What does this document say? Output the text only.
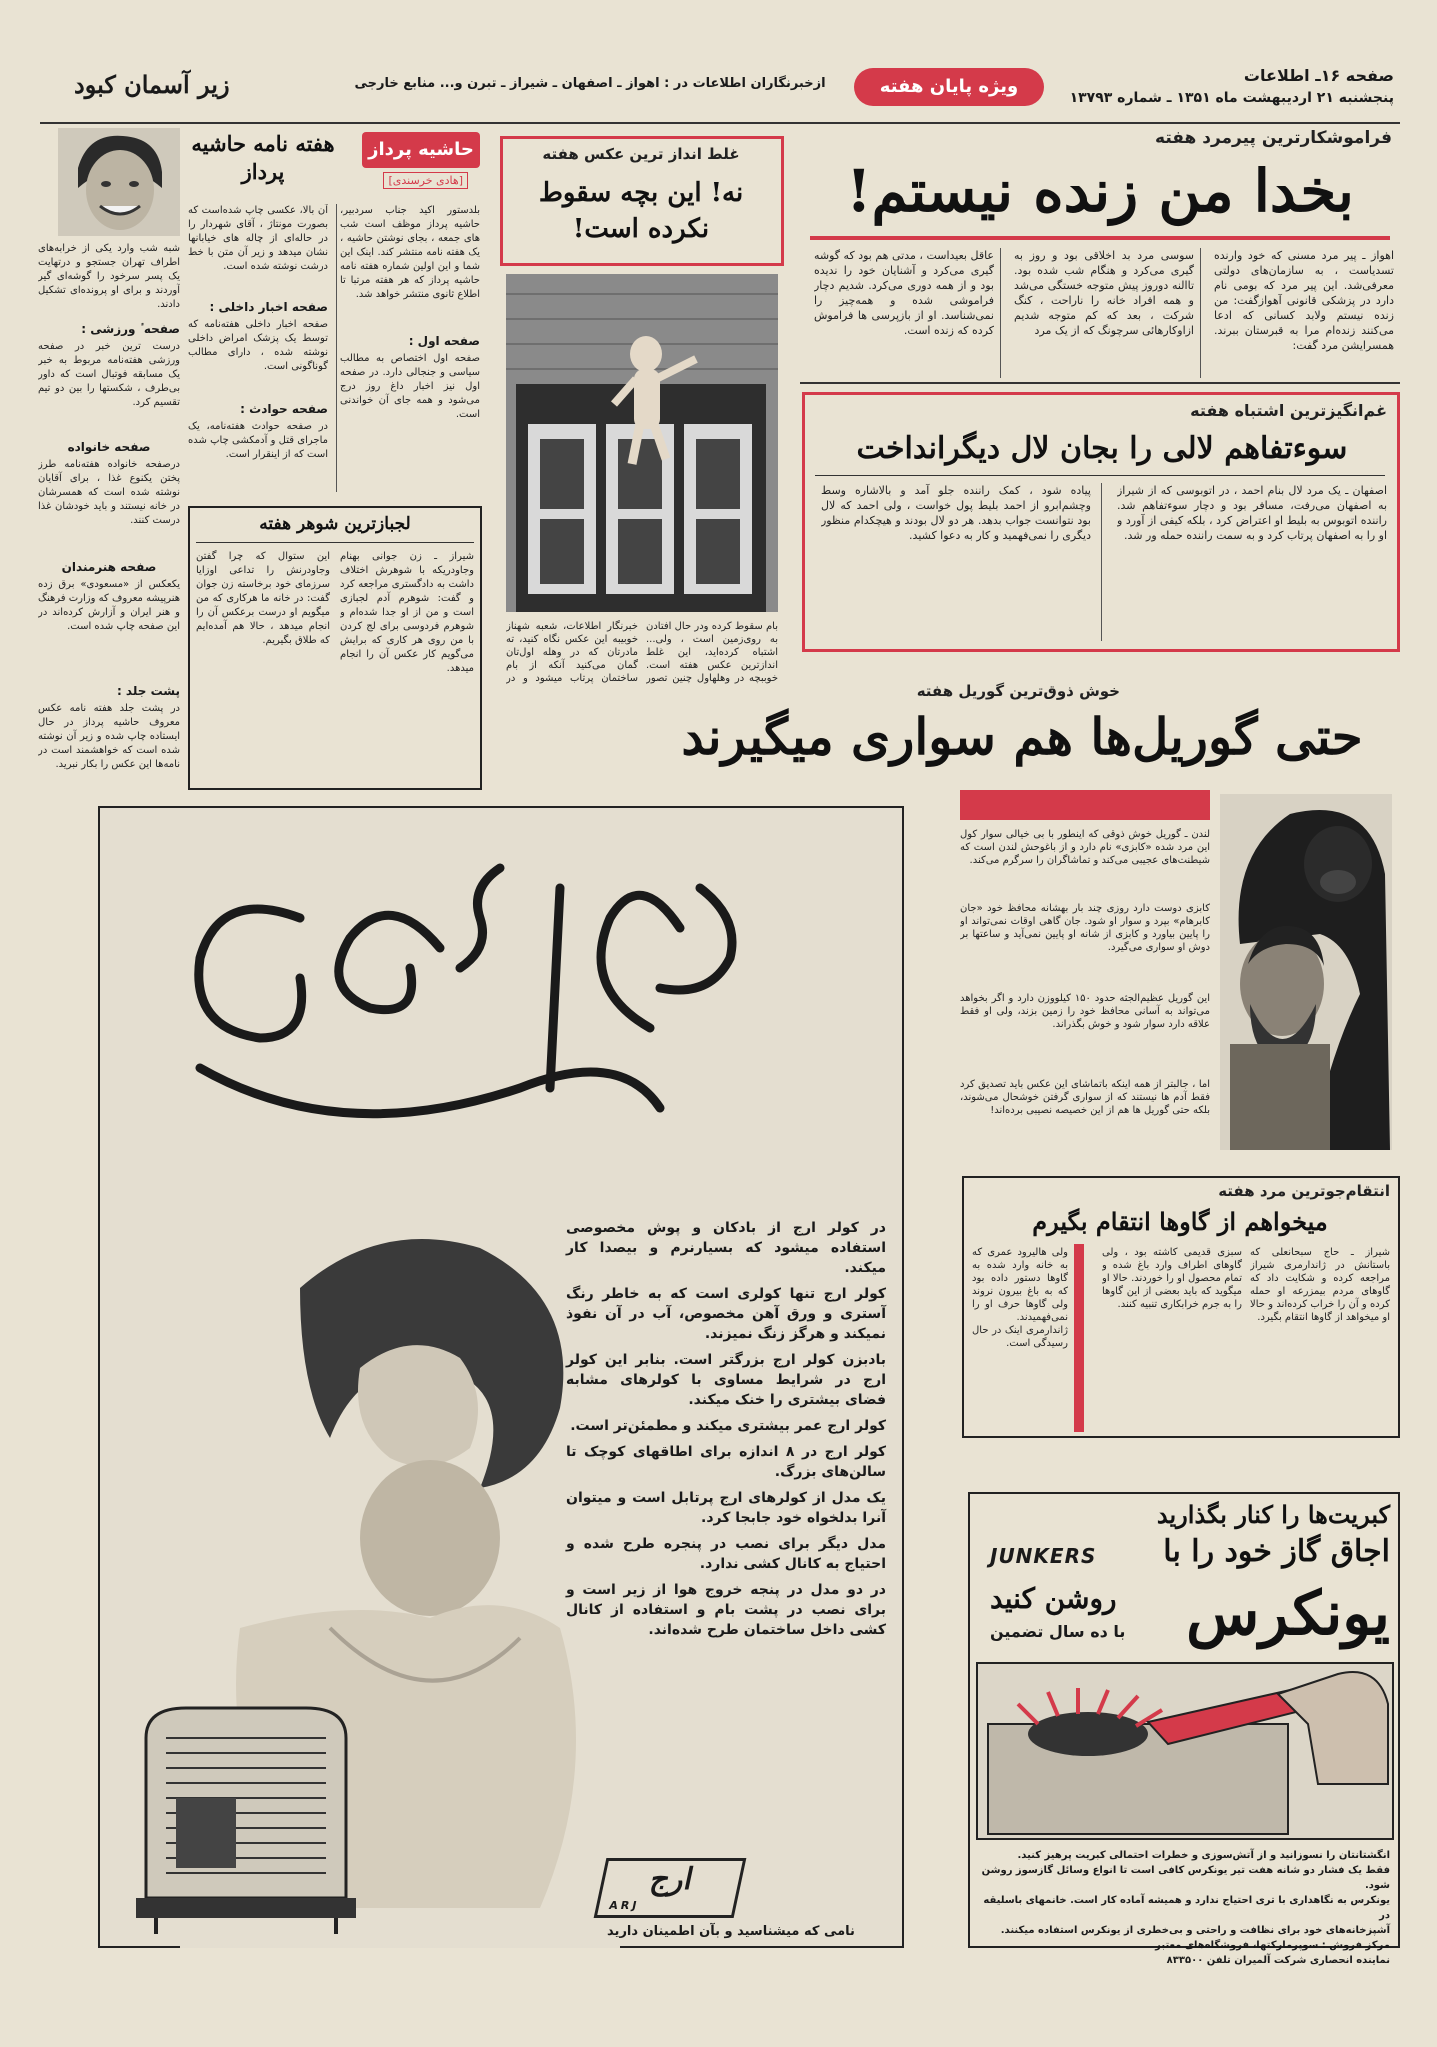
صفحه ۱۶ـ اطلاعات
پنجشنبه ۲۱ اردیبهشت ماه ۱۳۵۱ ـ شماره ۱۳۷۹۳
ویژه پایان هفته
ازخبرنگاران اطلاعات در : اهواز ـ اصفهان ـ شیراز ـ تبرن و... منابع خارجی
زیر آسمان کبود
فراموشکارترین پیرمرد هفته
بخدا من زنده نیستم!
اهواز ـ پیر مرد مسنی که خود وارنده تسدیاست ، به سازمان‌های دولتی معرفی‌شد. این پیر مرد که بومی نام دارد در پزشکی قانونی آهوازگفت: من زنده نیستم ولابد کسانی که ادعا می‌کنند زنده‌ام مرا به قبرستان ببرند. همسرایشن مرد گفت:
سوسی مرد بد اخلاقی بود و روز به گیری می‌کرد و هنگام شب شده بود. تاالنه دوروز پیش متوجه خستگی می‌شد و همه افراد خانه را ناراحت ، کنگ شرکت ، بعد که کم متوجه شدیم ازاوکارهائی سرچونگ که از یک مرد
عاقل بعیداست ، مدتی هم بود که گوشه گیری می‌کرد و آشنایان خود را ندیده بود و از همه دوری می‌کرد. شدیم دچار فراموشی شده و همه‌چیز را نمی‌شناسد. او از بازپرسی ها فراموش کرده که زنده است.
غم‌انگیزترین اشتباه هفته
سوءتفاهم لالی را بجان لال دیگرانداخت
اصفهان ـ یک مرد لال بنام احمد ، در اتوبوسی که از شیراز به اصفهان می‌رفت، مسافر بود و دچار سوءتفاهم شد. راننده اتوبوس به بلیط او اعتراض کرد ، بلکه کیفی از آورد و او را به اصفهان پرتاب کرد و به سمت راننده حمله ور شد.
پیاده شود ، کمک راننده جلو آمد و بالاشاره وسط وچشم‌ابرو از احمد بلیط پول خواست ، ولی احمد که لال بود نتوانست جواب بدهد. هر دو لال بودند و هیچکدام منظور دیگری را نمی‌فهمید و کار به دعوا کشید.
غلط انداز ترین عکس هفته
نه! این بچه سقوط نکرده است!
خبرنگار اطلاعات، شعبه شهناز خوبیبه این عکس نگاه کنید، ته مادرتان که در وهله اول‌تان گمان می‌کنید آنکه از بام ساختمان پرتاب میشود و در
بام سقوط کرده ودر حال افتادن به روی‌زمین است ، ولی... اشتباه کرده‌اید، این غلط اندازترین عکس هفته است. خوببچه در وهلهاول چنین تصور
حاشیه پرداز
[هادی خرسندی]
هفته نامه حاشیه پرداز
بلدستور اکید جناب سردبیر، حاشیه پرداز موظف است شب های جمعه ، بجای نوشتن حاشیه ، یک هفته نامه منتشر کند. اینک این شما و این اولین شماره هفته نامه حاشیه پرداز که هر هفته مرتبا تا اطلاع ثانوی منتشر خواهد شد.
صفحه اول :
صفحه اول اختصاص به مطالب سیاسی و جنجالی دارد. در صفحه اول نیز اخبار داغ روز درج می‌شود و همه جای آن خواندنی است.
آن بالا، عکسی چاپ شده‌است که بصورت مونتاژ ، آقای شهردار را در حاله‌ای از چاله های خیابانها نشان میدهد و زیر آن متن با خط درشت نوشته شده است.
صفحه اخبار داخلی :
صفحه اخبار داخلی هفته‌نامه که توسط یک پزشک امراض داخلی نوشته شده ، دارای مطالب گوناگونی است.
صفحه حوادث :
در صفحه حوادث هفته‌نامه، یک ماجرای قتل و آدمکشی چاپ شده است که از اینقرار است.
لجبازترین شوهر هفته
شیراز ـ زن جوانی بهنام وجاودریکه با شوهرش اختلاف داشت به دادگستری مراجعه کرد و گفت: شوهرم آدم لجبازی است و من از او جدا شده‌ام و شوهرم فردوسی برای لج کردن با من روی هر کاری که برایش می‌گویم کار عکس آن را انجام میدهد.
این ستوال که چرا گفتن وجاودرنش را تداعی اوزایا سرزمای خود برخاسته زن جوان گفت: در خانه ما هرکاری که من میگویم او درست برعکس آن را انجام میدهد ، حالا هم آمده‌ایم که طلاق بگیریم.
شبه شب وارد یکی از خرابه‌های اطراف تهران جستجو و درتهایت یک پسر سرخود را گوشه‌ای گیر آوردند و برای او پرونده‌ای تشکیل دادند.
صفحه ٔ ورزشی :
درست ترین خبر در صفحه ورزشی هفته‌نامه مربوط به خبر یک مسابقه فوتبال است که داور بی‌طرف ، شکستها را بین دو تیم تقسیم کرد.
صفحه خانواده
درصفحه خانواده هفته‌نامه طرز پختن یکنوع غذا ، برای آقایان نوشته شده است که همسرشان در خانه نیستند و باید خودشان غذا درست کنند.
صفحه هنرمندان
یکعکس از «مسعودی» برق زده هنرپیشه معروف که وزارت فرهنگ و هنر ایران و آزارش کرده‌اند در این صفحه چاپ شده است.
پشت جلد :
در پشت جلد هفته نامه عکس معروف حاشیه پرداز در حال ایستاده چاپ شده و زیر آن نوشته شده است که خواهشمند است در نامه‌ها این عکس را بکار نبرید.
خوش ذوق‌ترین گوریل هفته
حتی گوریل‌ها هم سواری میگیرند
لندن ـ گوریل خوش ذوقی که اینطور با بی خیالی سوار کول این مرد شده «کابزی» نام دارد و از باغوحش لندن است که شیطنت‌های عجیبی می‌کند و تماشاگران را سرگرم می‌کند.
کابزی دوست دارد روزی چند بار بهشانه محافظ خود «جان کابرهام» بپرد و سوار او شود. جان گاهی اوقات نمی‌تواند او را پایین بیاورد و کابزی از شانه او پایین نمی‌آید و ساعتها بر دوش او سواری می‌گیرد.
این گوریل عظیم‌الجثه حدود ۱۵۰ کیلووزن دارد و اگر بخواهد می‌تواند به آسانی محافظ خود را زمین بزند، ولی او فقط علاقه دارد سوار شود و خوش بگذراند.
اما ، جالبتر از همه اینکه باتماشای این عکس باید تصدیق کرد فقط آدم ها نیستند که از سواری گرفتن خوشحال می‌شوند، بلکه حتی گوریل ها هم از این خصیصه نصیبی برده‌اند!
انتقام‌جوترین مرد هفته
میخواهم از گاوها انتقام بگیرم
شیراز ـ حاج سبحانعلی که باستانش در ژاندارمری شیراز مراجعه کرده و شکایت داد که گاوهای مردم بیمزرعه او حمله کرده و آن را خراب کرده‌اند و حالا او میخواهد از گاوها انتقام بگیرد.
سبزی قدیمی کاشته بود ، ولی گاوهای اطراف وارد باغ شده و تمام محصول او را خوردند. حالا او میگوید که باید بعضی از این گاوها را به جرم خرابکاری تنبیه کنند.
ولی هالیرود عمری که به خانه وارد شده به گاوها دستور داده بود که به باغ بیرون نروند ولی گاوها حرف او را نمی‌فهمیدند. ژاندارمری اینک در حال رسیدگی است.
کولر ارج
در کولر ارج از بادکان و پوش مخصوصی استفاده میشود که بسیارنرم و بیصدا کار میکند.
کولر ارج تنها کولری است که به خاطر رنگ آستری و ورق آهن مخصوص، آب در آن نفوذ نمیکند و هرگز زنگ نمیزند.
بادبزن کولر ارج بزرگتر است. بنابر این کولر ارج در شرایط مساوی با کولرهای مشابه فضای بیشتری را خنک میکند.
کولر ارج عمر بیشتری میکند و مطمئن‌تر است.
کولر ارج در ۸ اندازه برای اطاقهای کوچک تا سالن‌های بزرگ.
یک مدل از کولرهای ارج پرتابل است و میتوان آنرا بدلخواه خود جابجا کرد.
مدل دیگر برای نصب در پنجره طرح شده و احتیاج به کانال کشی ندارد.
در دو مدل در پنجه خروج هوا از زیر است و برای نصب در پشت بام و استفاده از کانال کشی داخل ساختمان طرح شده‌اند.
ارج
ARJ
نامی که میشناسید و بآن اطمینان دارید
کبریت‌ها را کنار بگذارید
اجاق گاز خود را با
JUNKERS
یونکرس
روشن کنید
با ده سال تضمین
انگشتانتان را نسوزانید و از آتش‌سوزی و خطرات احتمالی کبریت پرهیز کنید.
فقط یک فشار دو شانه هفت تیر یونکرس کافی است تا انواع وسائل گازسوز روشن شود.
یونکرس به نگاهداری با تری احتیاج ندارد و همیشه آماده کار است. خانمهای باسلیقه در
آشپزخانه‌های خود برای نظافت و راحتی و بی‌خطری از یونکرس استفاده میکنند.
مرکز فروش : سوپرمارکتها، فروشگاه‌های معتبر
نماینده انحصاری شرکت آلمیران تلفن ۸۳۳۵۰۰
